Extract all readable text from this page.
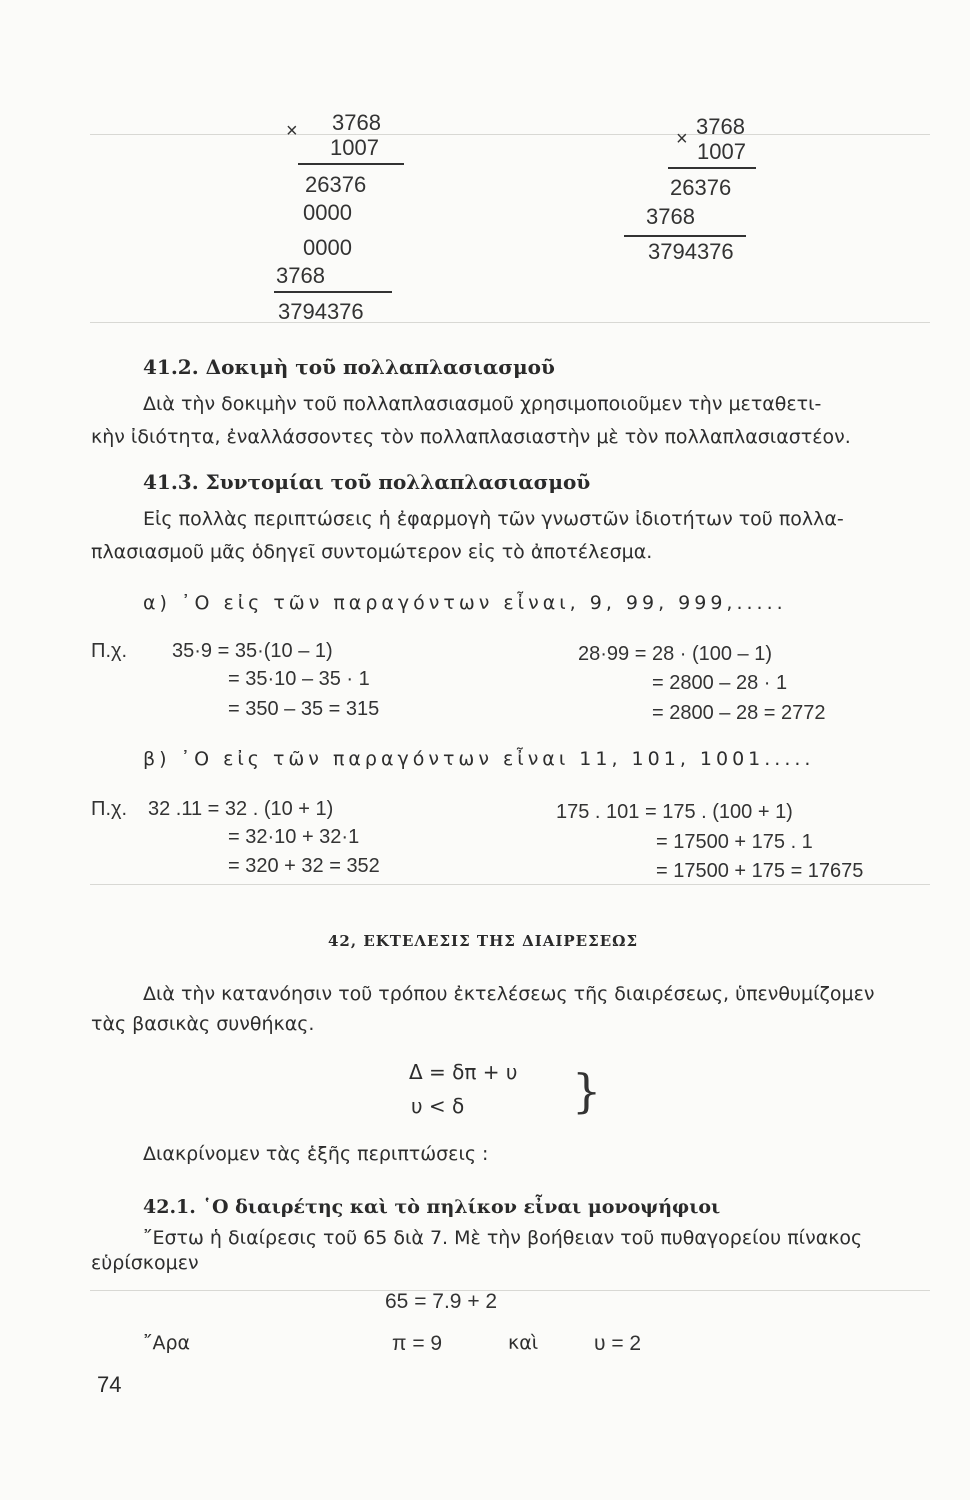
3768
×
1007
26376
0000
0000
3768
3794376
3768
× 1007
26376
3768
3794376
41.2. Δοκιμὴ τοῦ πολλαπλασιασμοῦ
Διὰ τὴν δοκιμὴν τοῦ πολλαπλασιασμοῦ χρησιμοποιοῦμεν τὴν μεταθετι-
κὴν ἰδιότητα, ἐναλλάσσοντες τὸν πολλαπλασιαστὴν μὲ τὸν πολλαπλασιαστέον.
41.3. Συντομίαι τοῦ πολλαπλασιασμοῦ
Εἰς πολλὰς περιπτώσεις ἡ ἐφαρμογὴ τῶν γνωστῶν ἰδιοτήτων τοῦ πολλα-
πλασιασμοῦ μᾶς ὁδηγεῖ συντομώτερον εἰς τὸ ἀποτέλεσμα.
α) ᾿Ο εἰς τῶν παραγόντων εἶναι, 9, 99, 999,.....
Π.χ. 35·9 = 35·(10 – 1)
= 35·10 – 35 · 1
= 350 – 35 = 315
28·99 = 28 · (100 – 1)
= 2800 – 28 · 1
= 2800 – 28 = 2772
β) ᾿Ο εἰς τῶν παραγόντων εἶναι 11, 101, 1001.....
Π.χ. 32 .11 = 32 . (10 + 1)
= 32·10 + 32·1
= 320 + 32 = 352
175 . 101 = 175 . (100 + 1)
= 17500 + 175 . 1
= 17500 + 175 = 17675
42, ΕΚΤΕΛΕΣΙΣ ΤΗΣ ΔΙΑΙΡΕΣΕΩΣ
Διὰ τὴν κατανόησιν τοῦ τρόπου ἐκτελέσεως τῆς διαιρέσεως, ὑπενθυμίζομεν
τὰς βασικὰς συνθήκας.
Δ = δπ + υ
υ < δ }
Διακρίνομεν τὰς ἑξῆς περιπτώσεις :
42.1. ῾Ο διαιρέτης καὶ τὸ πηλίκον εἶναι μονοψήφιοι
῎Εστω ἡ διαίρεσις τοῦ 65 διὰ 7. Μὲ τὴν βοήθειαν τοῦ πυθαγορείου πίνακος
εὑρίσκομεν
65 = 7.9 + 2
῎Αρα	π = 9	καὶ	υ = 2
74
